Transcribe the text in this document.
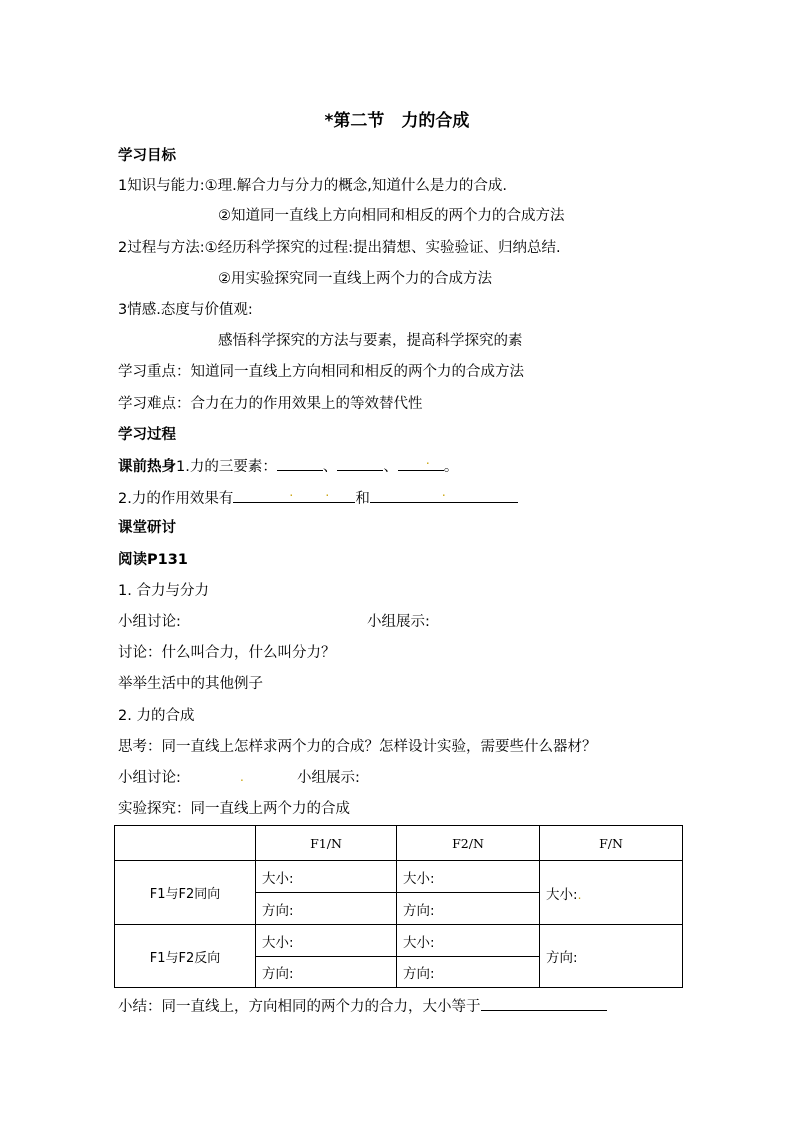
*第二节　力的合成
学习目标
1知识与能力:①理.解合力与分力的概念,知道什么是力的合成.
②知道同一直线上方向相同和相反的两个力的合成方法
2过程与方法:①经历科学探究的过程:提出猜想、实验验证、归纳总结.
②用实验探究同一直线上两个力的合成方法
3情感.态度与价值观:
感悟科学探究的方法与要素，提高科学探究的素
学习重点：知道同一直线上方向相同和相反的两个力的合成方法
学习难点：合力在力的作用效果上的等效替代性
学习过程
课前热身1.力的三要素：	、	、 . 。
2.力的作用效果有	.	. 和	.
课堂研讨
阅读P131
1. 合力与分力
小组讨论:	小组展示:
讨论：什么叫合力，什么叫分力？
举举生活中的其他例子
2. 力的合成
思考：同一直线上怎样求两个力的合成？怎样设计实验，需要些什么器材？
小组讨论:	.	小组展示:
实验探究：同一直线上两个力的合成
	F1/N	F2/N	F/N
F1与F2同向	大小:	大小:	大小:.
	方向:	方向:	
F1与F2反向	大小:	大小:	方向:
	方向:	方向:	
小结：同一直线上，方向相同的两个力的合力，大小等于
